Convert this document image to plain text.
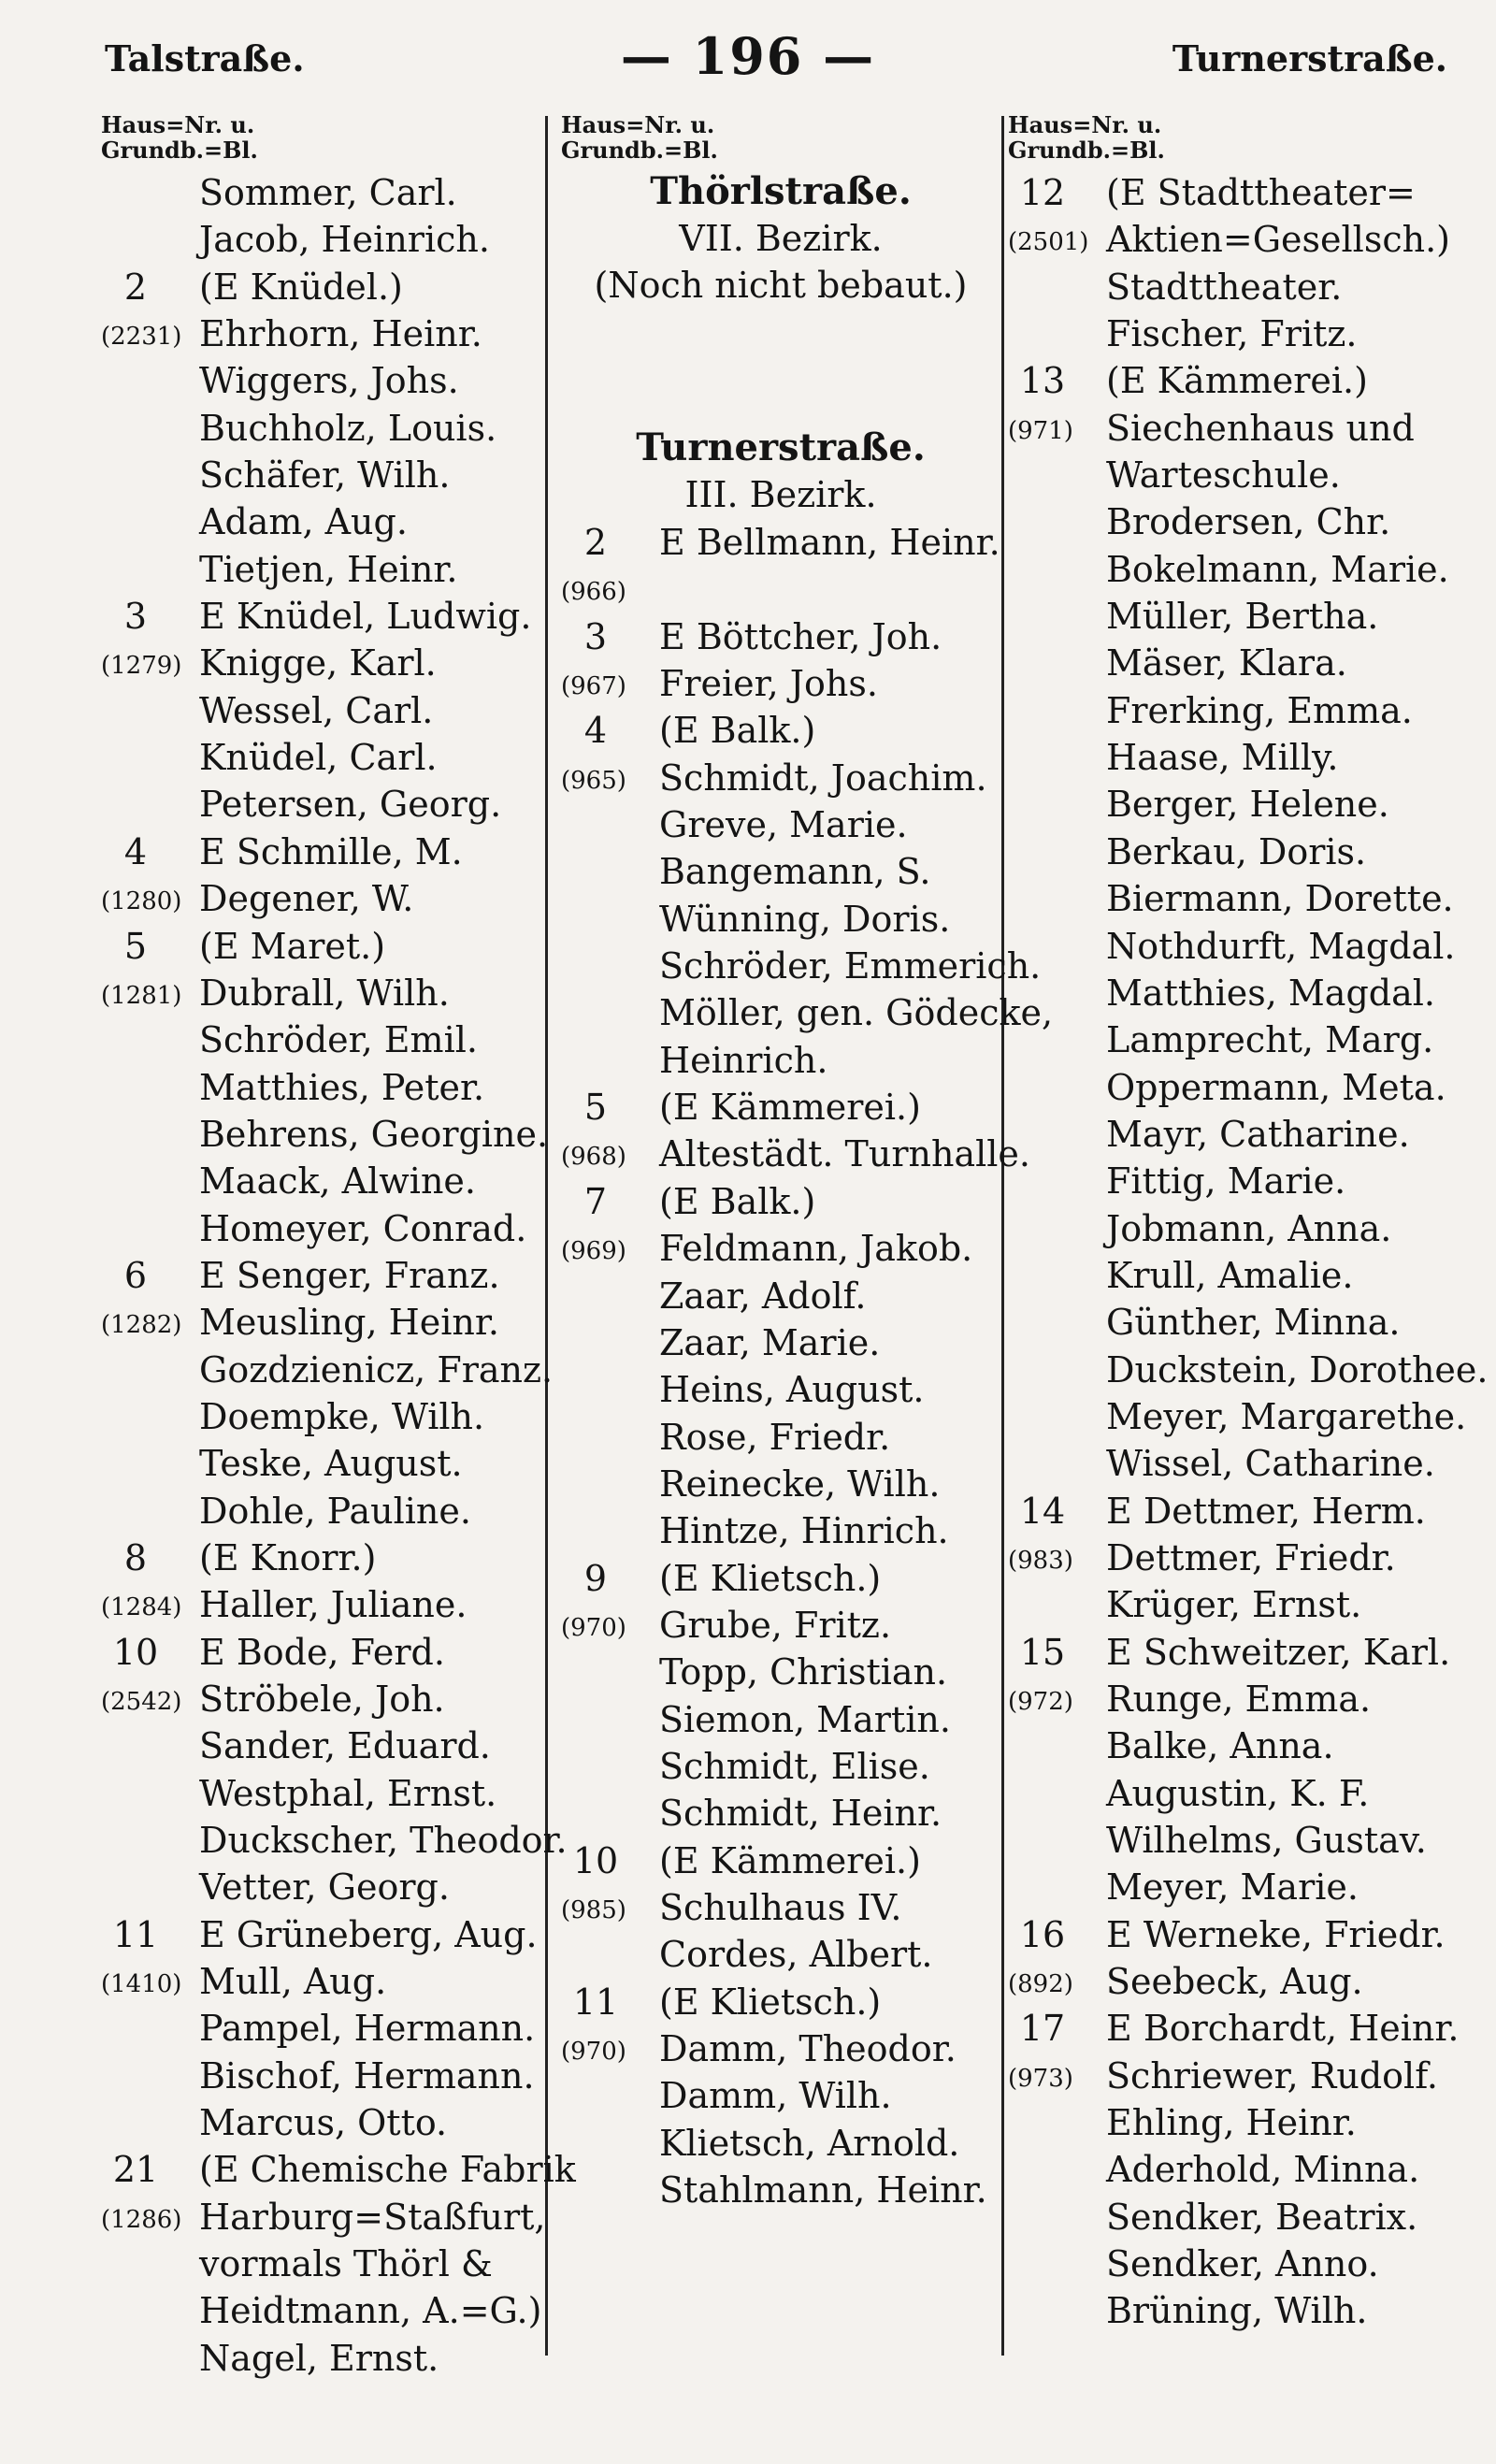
Talstraße.	— 196 —	Turnerstraße.
Haus=Nr. u.
Grundb.=Bl.
Sommer, Carl.
Jacob, Heinrich.
2	(E Knüdel.)
(2231) Ehrhorn, Heinr.
Wiggers, Johs.
Buchholz, Louis.
Schäfer, Wilh.
Adam, Aug.
Tietjen, Heinr.
3	E Knüdel, Ludwig.
(1279) Knigge, Karl.
Wessel, Carl.
Knüdel, Carl.
Petersen, Georg.
4	E Schmille, M.
(1280) Degener, W.
5	(E Maret.)
(1281) Dubrall, Wilh.
Schröder, Emil.
Matthies, Peter.
Behrens, Georgine.
Maack, Alwine.
Homeyer, Conrad.
6	E Senger, Franz.
(1282) Meusling, Heinr.
Gozdzienicz, Franz.
Doempke, Wilh.
Teske, August.
Dohle, Pauline.
8	(E Knorr.)
(1284) Haller, Juliane.
10 E Bode, Ferd.
(2542) Ströbele, Joh.
Sander, Eduard.
Westphal, Ernst.
Duckscher, Theodor.
Vetter, Georg.
11 E Grüneberg, Aug.
(1410) Mull, Aug.
Pampel, Hermann.
Bischof, Hermann.
Marcus, Otto.
21 (E Chemische Fabrik
(1286) Harburg=Staßfurt,
vormals Thörl &
Heidtmann, A.=G.)
Nagel, Ernst.
Haus=Nr. u.
Grundb.=Bl.
Thörlstraße.
VII. Bezirk.
(Noch nicht bebaut.)
Turnerstraße.
III. Bezirk.
2	E Bellmann, Heinr.
(966)
3	E Böttcher, Joh.
(967) Freier, Johs.
4	(E Balk.)
(965) Schmidt, Joachim.
Greve, Marie.
Bangemann, S.
Wünning, Doris.
Schröder, Emmerich.
Möller, gen. Gödecke,
Heinrich.
5	(E Kämmerei.)
(968) Altestädt. Turnhalle.
7	(E Balk.)
(969) Feldmann, Jakob.
Zaar, Adolf.
Zaar, Marie.
Heins, August.
Rose, Friedr.
Reinecke, Wilh.
Hintze, Hinrich.
9	(E Klietsch.)
(970) Grube, Fritz.
Topp, Christian.
Siemon, Martin.
Schmidt, Elise.
Schmidt, Heinr.
10 (E Kämmerei.)
(985) Schulhaus IV.
Cordes, Albert.
11 (E Klietsch.)
(970) Damm, Theodor.
Damm, Wilh.
Klietsch, Arnold.
Stahlmann, Heinr.
Haus=Nr. u.
Grundb.=Bl.
12 (E Stadttheater=
(2501) Aktien=Gesellsch.)
Stadttheater.
Fischer, Fritz.
13 (E Kämmerei.)
(971) Siechenhaus und
Warteschule.
Brodersen, Chr.
Bokelmann, Marie.
Müller, Bertha.
Mäser, Klara.
Frerking, Emma.
Haase, Milly.
Berger, Helene.
Berkau, Doris.
Biermann, Dorette.
Nothdurft, Magdal.
Matthies, Magdal.
Lamprecht, Marg.
Oppermann, Meta.
Mayr, Catharine.
Fittig, Marie.
Jobmann, Anna.
Krull, Amalie.
Günther, Minna.
Duckstein, Dorothee.
Meyer, Margarethe.
Wissel, Catharine.
14 E Dettmer, Herm.
(983) Dettmer, Friedr.
Krüger, Ernst.
15 E Schweitzer, Karl.
(972) Runge, Emma.
Balke, Anna.
Augustin, K. F.
Wilhelms, Gustav.
Meyer, Marie.
16 E Werneke, Friedr.
(892) Seebeck, Aug.
17 E Borchardt, Heinr.
(973) Schriewer, Rudolf.
Ehling, Heinr.
Aderhold, Minna.
Sendker, Beatrix.
Sendker, Anno.
Brüning, Wilh.
